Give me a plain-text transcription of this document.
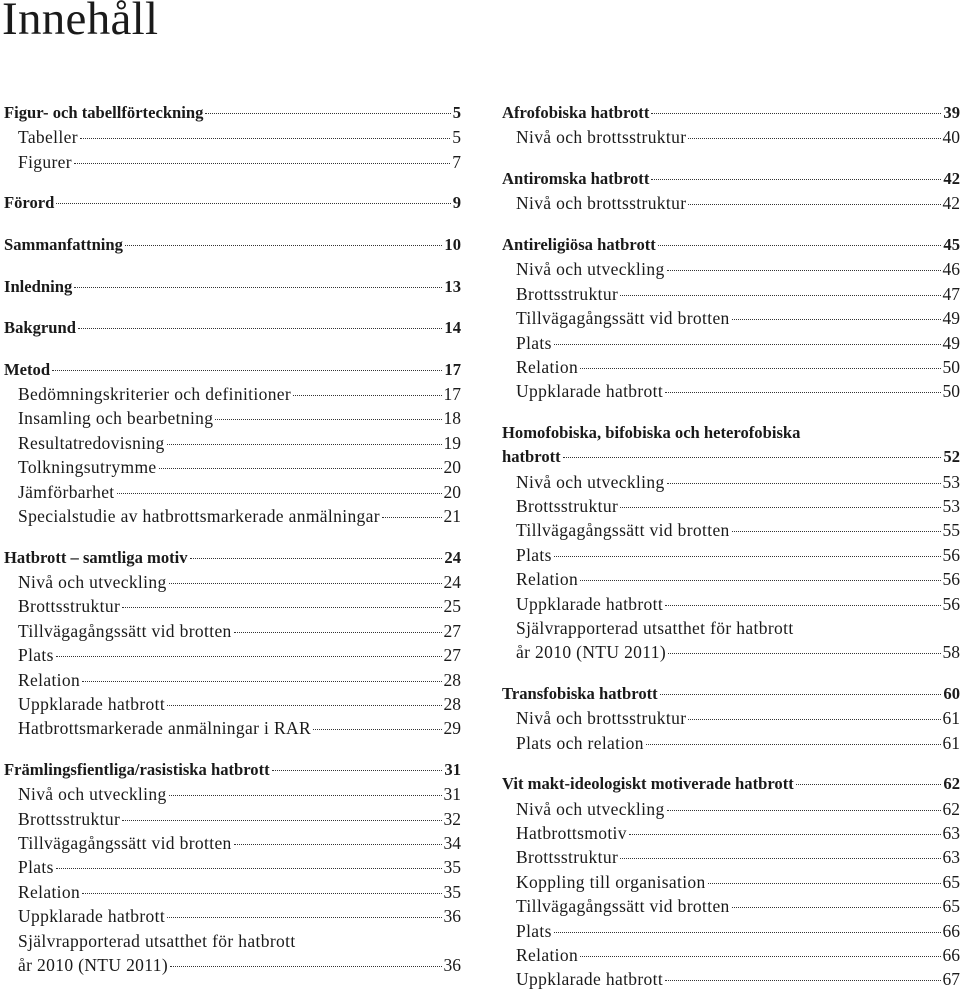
Innehåll
Figur- och tabellförteckning	5
Tabeller	5
Figurer	7
Förord	9
Sammanfattning	10
Inledning	13
Bakgrund	14
Metod	17
Bedömningskriterier och definitioner	17
Insamling och bearbetning	18
Resultatredovisning	19
Tolkningsutrymme	20
Jämförbarhet	20
Specialstudie av hatbrottsmarkerade anmälningar	21
Hatbrott – samtliga motiv	24
Nivå och utveckling	24
Brottsstruktur	25
Tillvägagångssätt vid brotten	27
Plats	27
Relation	28
Uppklarade hatbrott	28
Hatbrottsmarkerade anmälningar i RAR	29
Främlingsfientliga/rasistiska hatbrott	31
Nivå och utveckling	31
Brottsstruktur	32
Tillvägagångssätt vid brotten	34
Plats	35
Relation	35
Uppklarade hatbrott	36
Självrapporterad utsatthet för hatbrott
år 2010 (NTU 2011)	36
Afrofobiska hatbrott	39
Nivå och brottsstruktur	40
Antiromska hatbrott	42
Nivå och brottsstruktur	42
Antireligiösa hatbrott	45
Nivå och utveckling	46
Brottsstruktur	47
Tillvägagångssätt vid brotten	49
Plats	49
Relation	50
Uppklarade hatbrott	50
Homofobiska, bifobiska och heterofobiska
hatbrott	52
Nivå och utveckling	53
Brottsstruktur	53
Tillvägagångssätt vid brotten	55
Plats	56
Relation	56
Uppklarade hatbrott	56
Självrapporterad utsatthet för hatbrott
år 2010 (NTU 2011)	58
Transfobiska hatbrott	60
Nivå och brottsstruktur	61
Plats och relation	61
Vit makt-ideologiskt motiverade hatbrott	62
Nivå och utveckling	62
Hatbrottsmotiv	63
Brottsstruktur	63
Koppling till organisation	65
Tillvägagångssätt vid brotten	65
Plats	66
Relation	66
Uppklarade hatbrott	67
